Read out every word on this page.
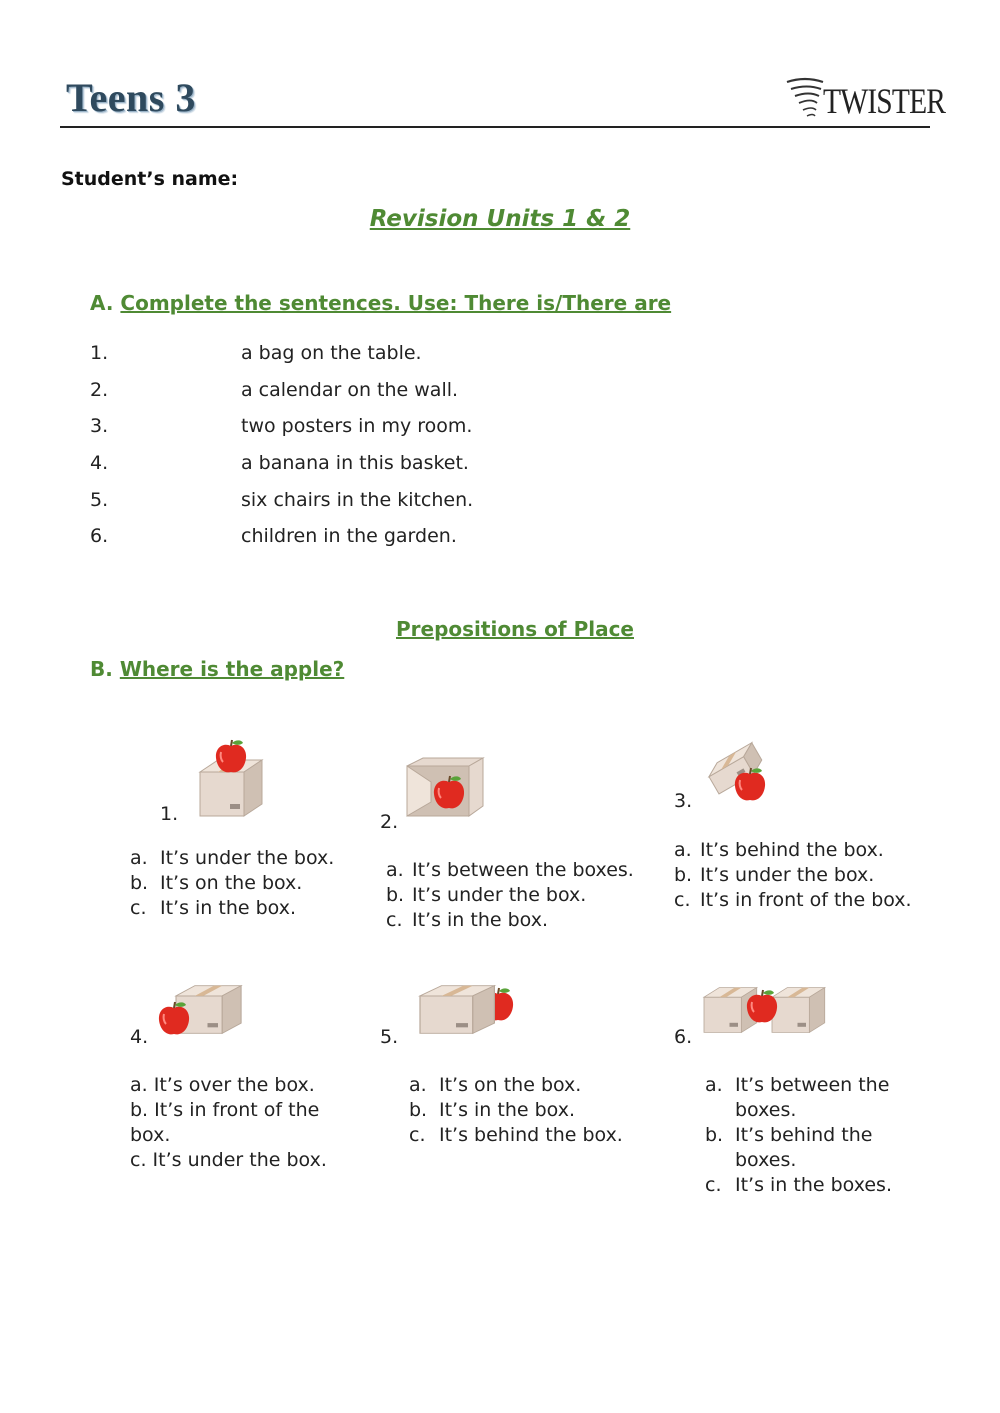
Teens 3	TWISTER
Student’s name:
Revision Units 1 & 2
A. Complete the sentences. Use: There is/There are
1.	a bag on the table.
2.	a calendar on the wall.
3.	two posters in my room.
4.	a banana in this basket.
5.	six chairs in the kitchen.
6.	children in the garden.
Prepositions of Place
B. Where is the apple?
1.
a. It’s under the box.
b. It’s on the box.
c. It’s in the box.
2.
a. It’s between the boxes.
b. It’s under the box.
c. It’s in the box.
3.
a. It’s behind the box.
b. It’s under the box.
c. It’s in front of the box.
4.
a. It’s over the box.
b. It’s in front of the box.
c. It’s under the box.
5.
a. It’s on the box.
b. It’s in the box.
c. It’s behind the box.
6.
a. It’s between the boxes.
b. It’s behind the boxes.
c. It’s in the boxes.
